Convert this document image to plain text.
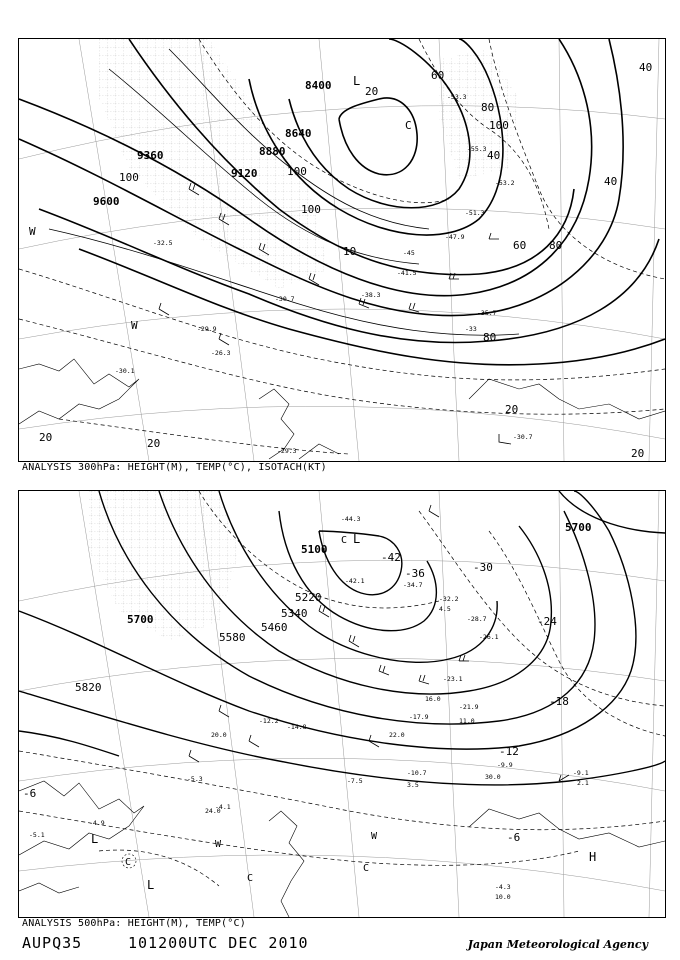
9600
9360
9120
8880
8640
8400
100	100
100
80
80
60
40
40
20	20
20
20
10
100
80
60
40
20
-30.7
-26.3
-29.9	-33
-35.7
-38.3
-41.5
-45
-47.9
-51.3
-53.2
-55.3
-53.3
-30.1
-32.5
-29.3
-30.7
L
C
W
W
ANALYSIS 300hPa: HEIGHT(M), TEMP(°C), ISOTACH(KT)
5820
5700
5580
5460
5340
5220
5100
5700
-42
-36	-30
-24
-18
-12
-6
-6
-44.3
-42.1	-34.7
-32.2
-28.7
-26.1
-23.1
-21.9
-17.9
-14.8
-12.2
-10.7
-9.9
-9.1
-7.5
-5.3
-4.1
-4.9
-5.1
-4.3
4.5
10.0
11.0
16.0
20.0	22.0
24.0
30.0
2.1
3.5
L
C
L
L
C
C
C
W
W
H
ANALYSIS 500hPa: HEIGHT(M), TEMP(°C)
AUPQ35	101200UTC DEC 2010	Japan Meteorological Agency
